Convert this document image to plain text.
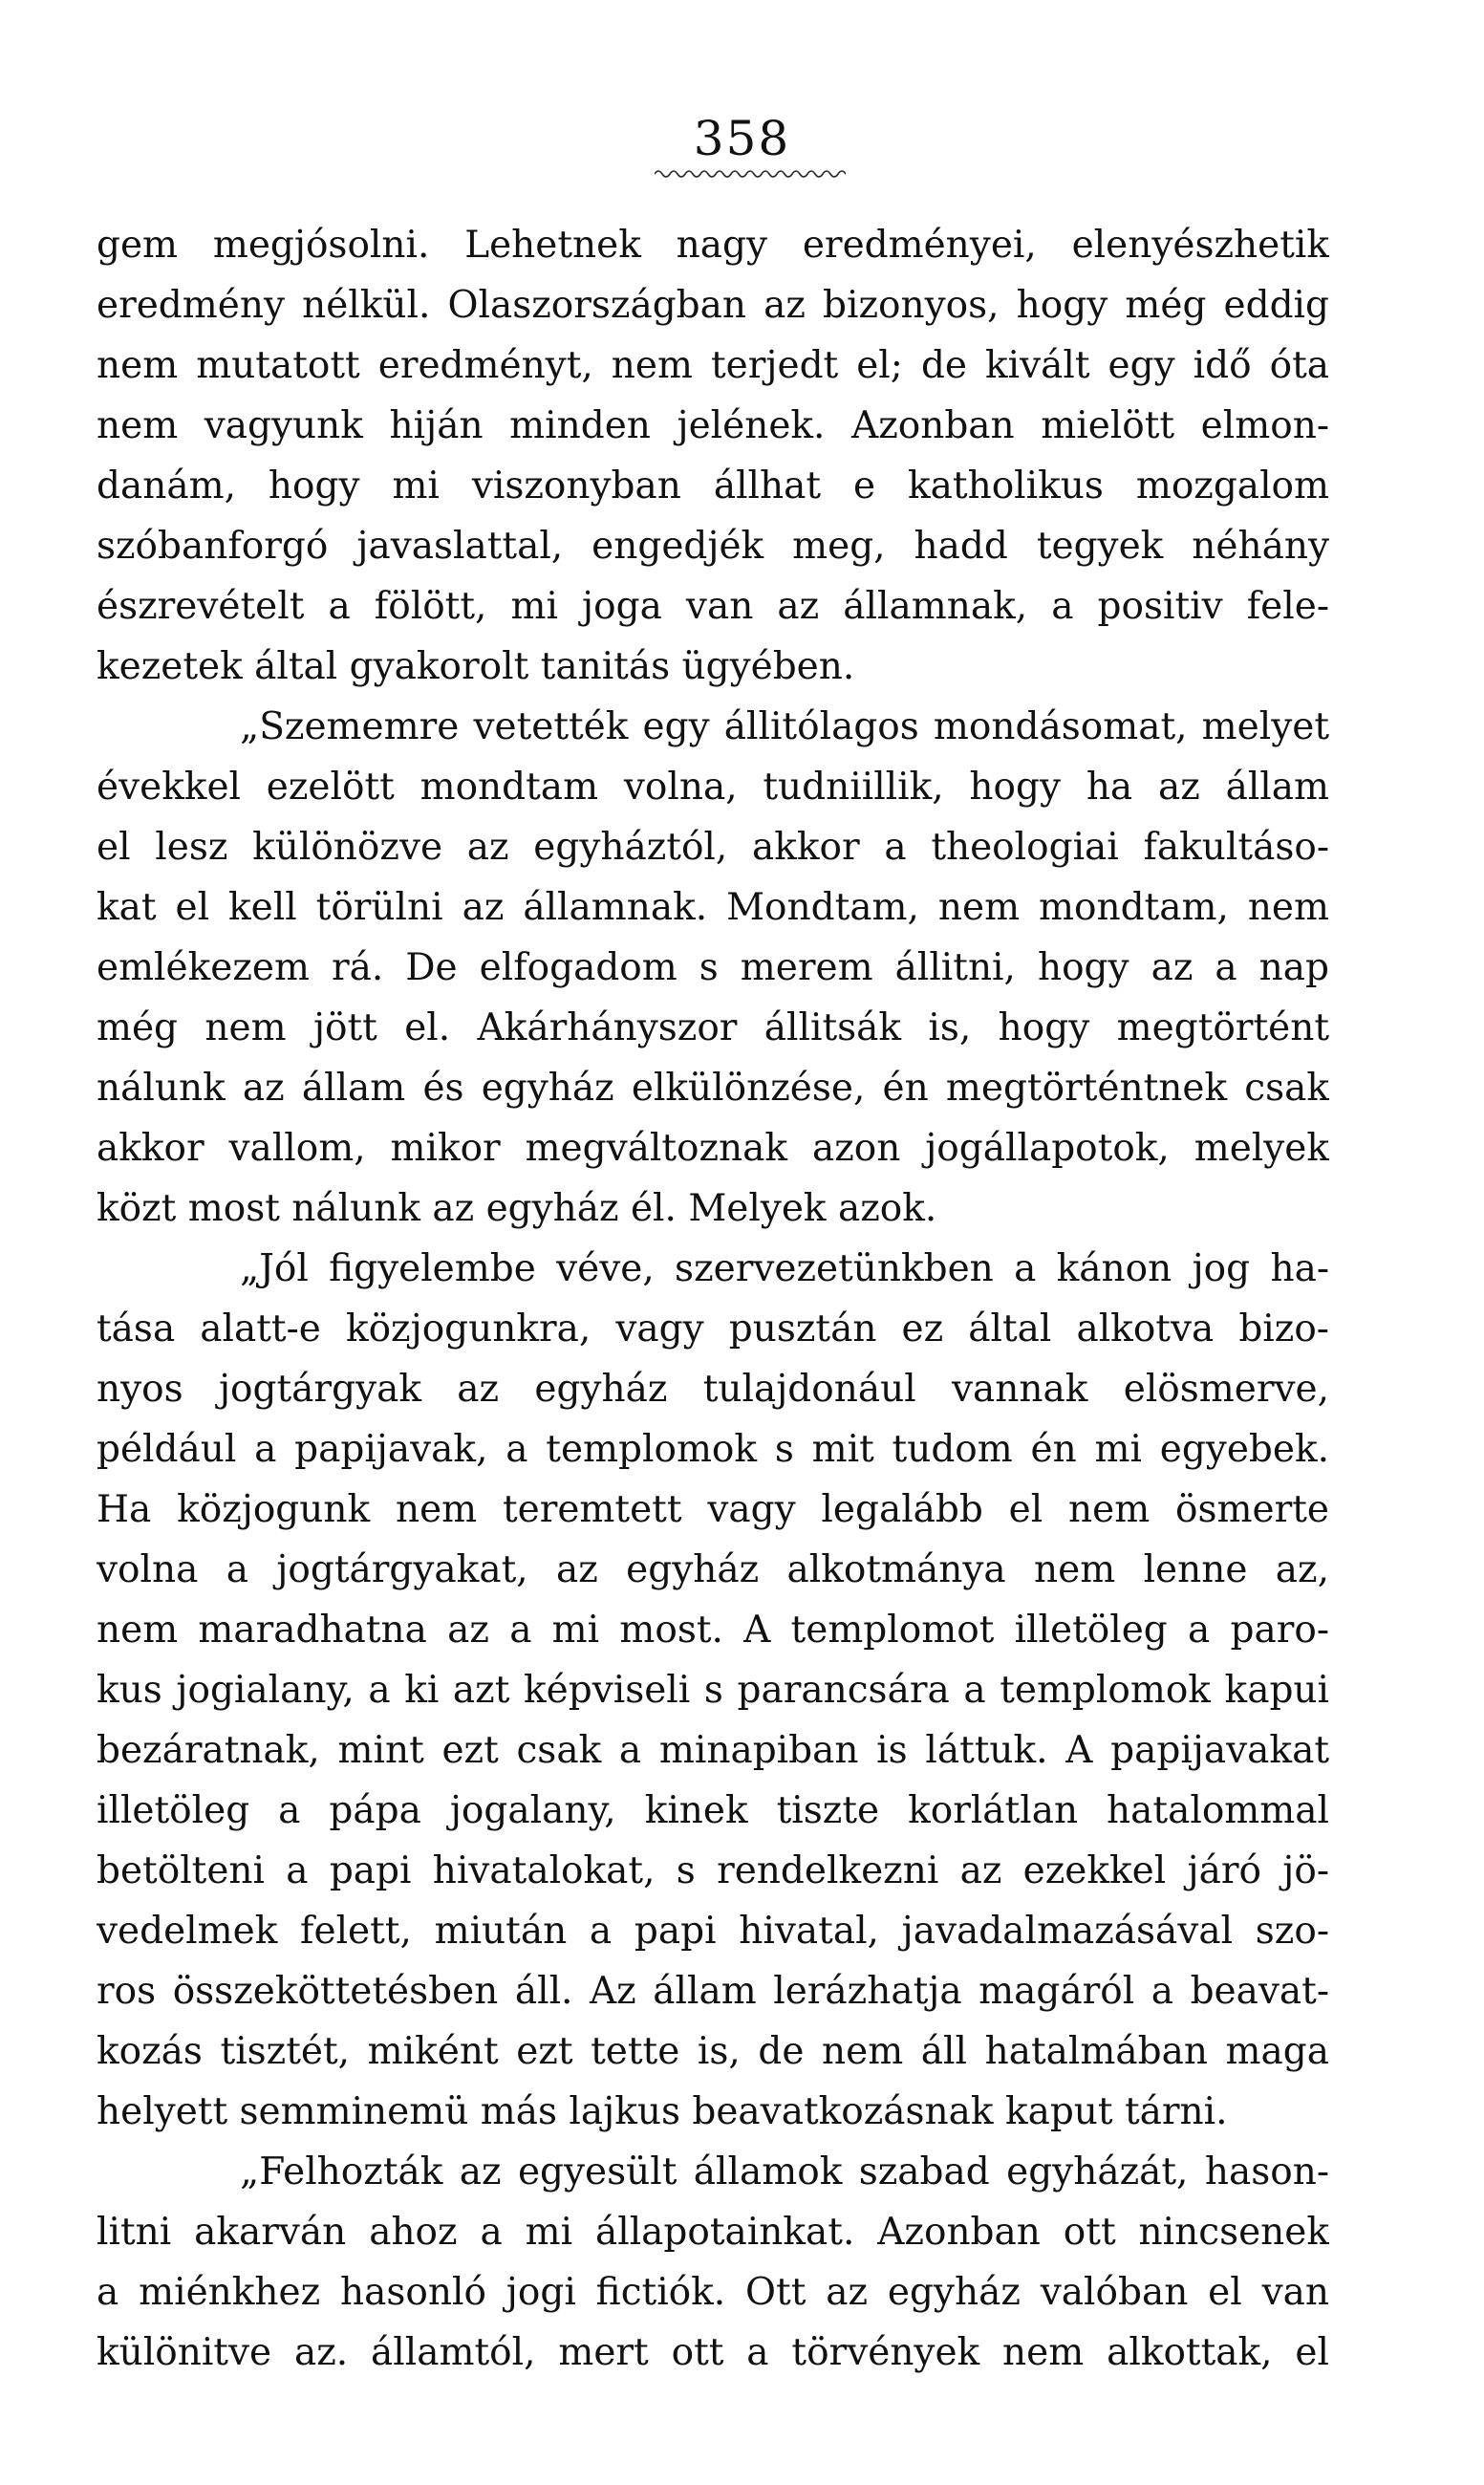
358
gem megjósolni. Lehetnek nagy eredményei, elenyészhetik
eredmény nélkül. Olaszországban az bizonyos, hogy még eddig
nem mutatott eredményt, nem terjedt el; de kivált egy idő óta
nem vagyunk hiján minden jelének. Azonban mielött elmon-
danám, hogy mi viszonyban állhat e katholikus mozgalom
szóbanforgó javaslattal, engedjék meg, hadd tegyek néhány
észrevételt a fölött, mi joga van az államnak, a positiv fele-
kezetek által gyakorolt tanitás ügyében.
„Szememre vetették egy állitólagos mondásomat, melyet
évekkel ezelött mondtam volna, tudniillik, hogy ha az állam
el lesz különözve az egyháztól, akkor a theologiai fakultáso-
kat el kell törülni az államnak. Mondtam, nem mondtam, nem
emlékezem rá. De elfogadom s merem állitni, hogy az a nap
még nem jött el. Akárhányszor állitsák is, hogy megtörtént
nálunk az állam és egyház elkülönzése, én megtörténtnek csak
akkor vallom, mikor megváltoznak azon jogállapotok, melyek
közt most nálunk az egyház él. Melyek azok.
„Jól figyelembe véve, szervezetünkben a kánon jog ha-
tása alatt-e közjogunkra, vagy pusztán ez által alkotva bizo-
nyos jogtárgyak az egyház tulajdonául vannak elösmerve,
például a papijavak, a templomok s mit tudom én mi egyebek.
Ha közjogunk nem teremtett vagy legalább el nem ösmerte
volna a jogtárgyakat, az egyház alkotmánya nem lenne az,
nem maradhatna az a mi most. A templomot illetöleg a paro-
kus jogialany, a ki azt képviseli s parancsára a templomok kapui
bezáratnak, mint ezt csak a minapiban is láttuk. A papijavakat
illetöleg a pápa jogalany, kinek tiszte korlátlan hatalommal
betölteni a papi hivatalokat, s rendelkezni az ezekkel járó jö-
vedelmek felett, miután a papi hivatal, javadalmazásával szo-
ros összeköttetésben áll. Az állam lerázhatja magáról a beavat-
kozás tisztét, miként ezt tette is, de nem áll hatalmában maga
helyett semminemü más lajkus beavatkozásnak kaput tárni.
„Felhozták az egyesült államok szabad egyházát, hason-
litni akarván ahoz a mi állapotainkat. Azonban ott nincsenek
a miénkhez hasonló jogi fictiók. Ott az egyház valóban el van
különitve az. államtól, mert ott a törvények nem alkottak, el
